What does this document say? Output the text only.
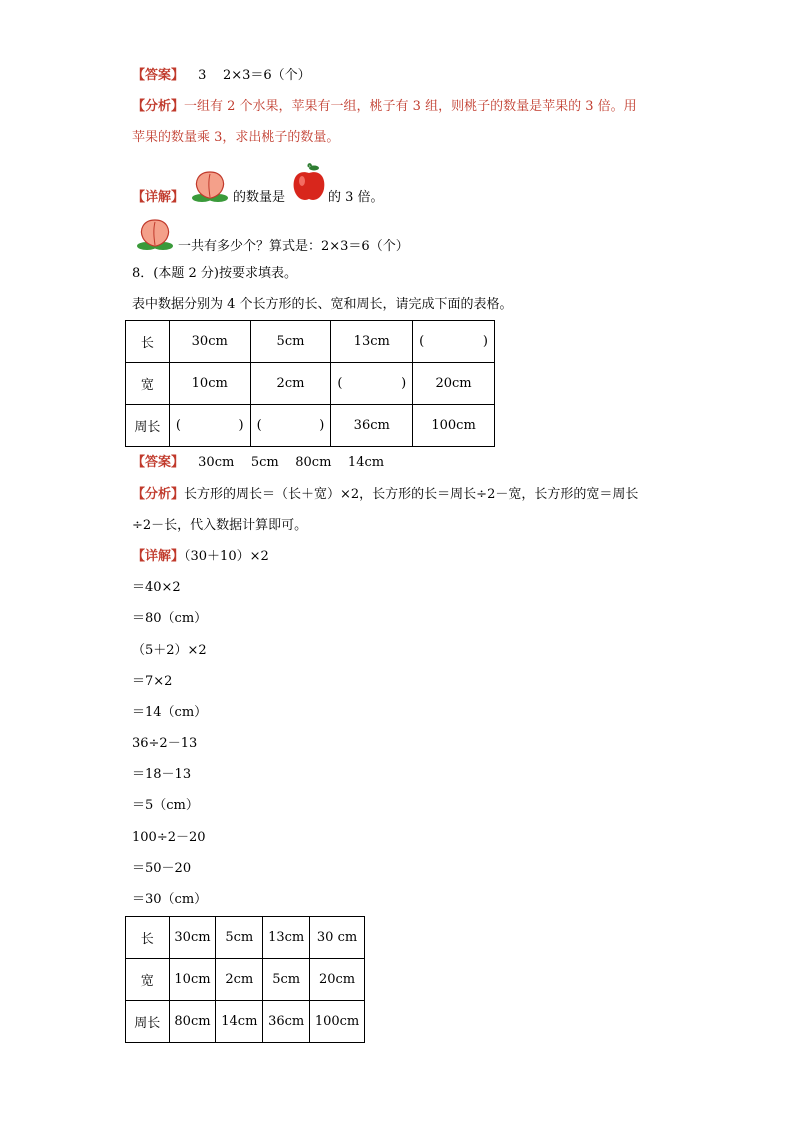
【答案】 3    2×3＝6（个）
【分析】一组有 2 个水果，苹果有一组，桃子有 3 组，则桃子的数量是苹果的 3 倍。用
苹果的数量乘 3，求出桃子的数量。
【详解】	的数量是	的 3 倍。
一共有多少个？算式是：2×3＝6（个）
8．(本题 2 分)按要求填表。
表中数据分别为 4 个长方形的长、宽和周长，请完成下面的表格。
长	30cm	5cm	13cm	( )

宽	10cm	2cm	( )	20cm
周长	( )	( )	36cm	100cm
【答案】 30cm    5cm    80cm    14cm
【分析】长方形的周长＝（长＋宽）×2，长方形的长＝周长÷2－宽，长方形的宽＝周长
÷2－长，代入数据计算即可。
【详解】（30＋10）×2
＝40×2
＝80（cm）
（5＋2）×2
＝7×2
＝14（cm）
36÷2－13
＝18－13
＝5（cm）
100÷2－20
＝50－20
＝30（cm）
长	30cm	5cm	13cm	30 cm
宽	10cm	2cm	5cm	20cm
周长	80cm	14cm	36cm	100cm
